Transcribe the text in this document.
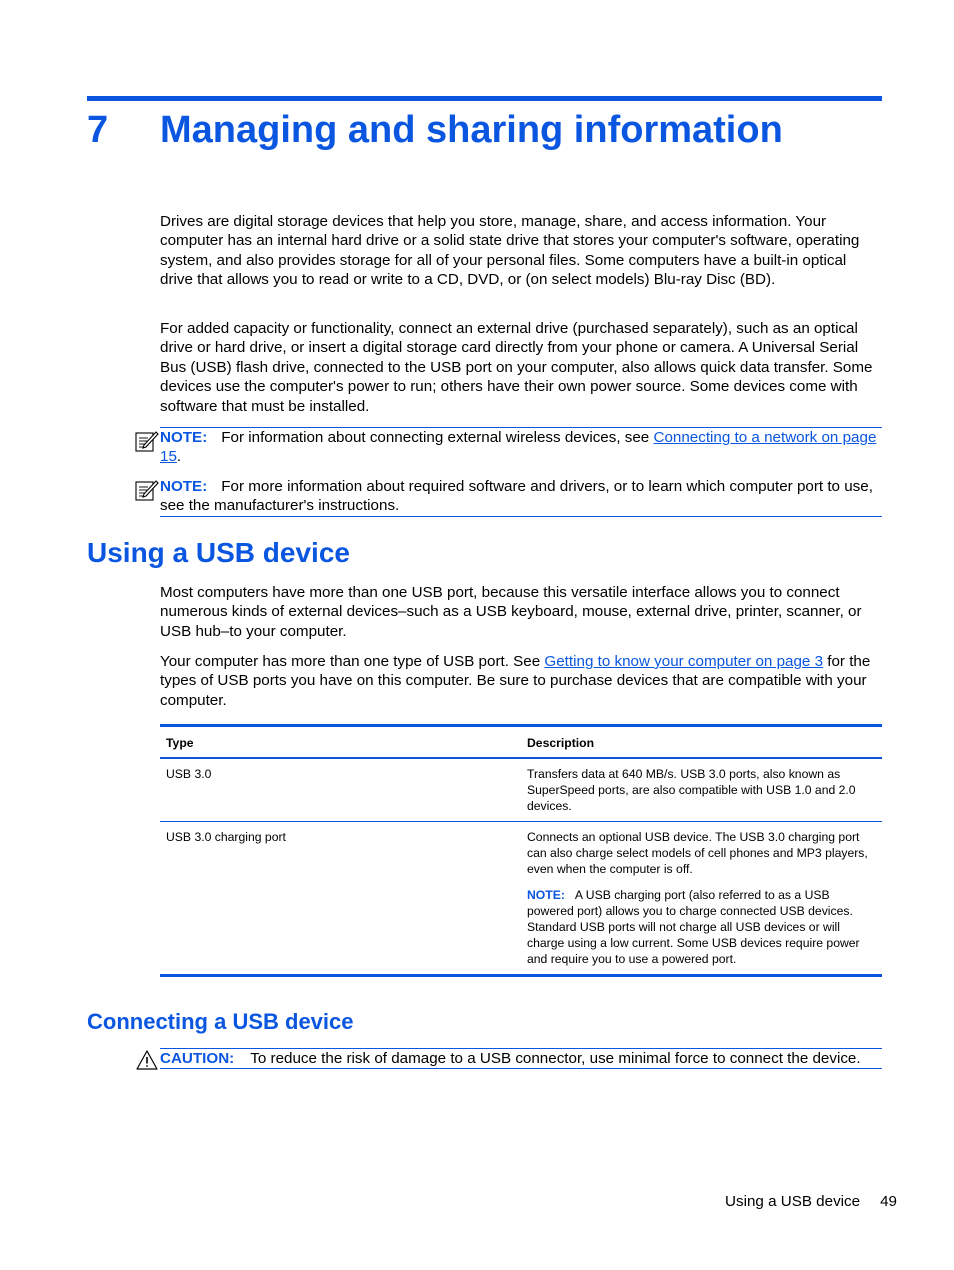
7 Managing and sharing information

Drives are digital storage devices that help you store, manage, share, and access information. Your computer has an internal hard drive or a solid state drive that stores your computer's software, operating system, and also provides storage for all of your personal files. Some computers have a built-in optical drive that allows you to read or write to a CD, DVD, or (on select models) Blu-ray Disc (BD).

For added capacity or functionality, connect an external drive (purchased separately), such as an optical drive or hard drive, or insert a digital storage card directly from your phone or camera. A Universal Serial Bus (USB) flash drive, connected to the USB port on your computer, also allows quick data transfer. Some devices use the computer's power to run; others have their own power source. Some devices come with software that must be installed.

NOTE: For information about connecting external wireless devices, see Connecting to a network on page 15.
NOTE: For more information about required software and drivers, or to learn which computer port to use, see the manufacturer's instructions.
Using a USB device

Most computers have more than one USB port, because this versatile interface allows you to connect numerous kinds of external devices–such as a USB keyboard, mouse, external drive, printer, scanner, or USB hub–to your computer.

Your computer has more than one type of USB port. See Getting to know your computer on page 3 for the types of USB ports you have on this computer. Be sure to purchase devices that are compatible with your computer.

Type	Description
USB 3.0	Transfers data at 640 MB/s. USB 3.0 ports, also known as SuperSpeed ports, are also compatible with USB 1.0 and 2.0 devices.
USB 3.0 charging port	Connects an optional USB device. The USB 3.0 charging port can also charge select models of cell phones and MP3 players, even when the computer is off.
NOTE: A USB charging port (also referred to as a USB powered port) allows you to charge connected USB devices. Standard USB ports will not charge all USB devices or will charge using a low current. Some USB devices require power and require you to use a powered port.
Connecting a USB device
CAUTION: To reduce the risk of damage to a USB connector, use minimal force to connect the device.
Using a USB device 49
